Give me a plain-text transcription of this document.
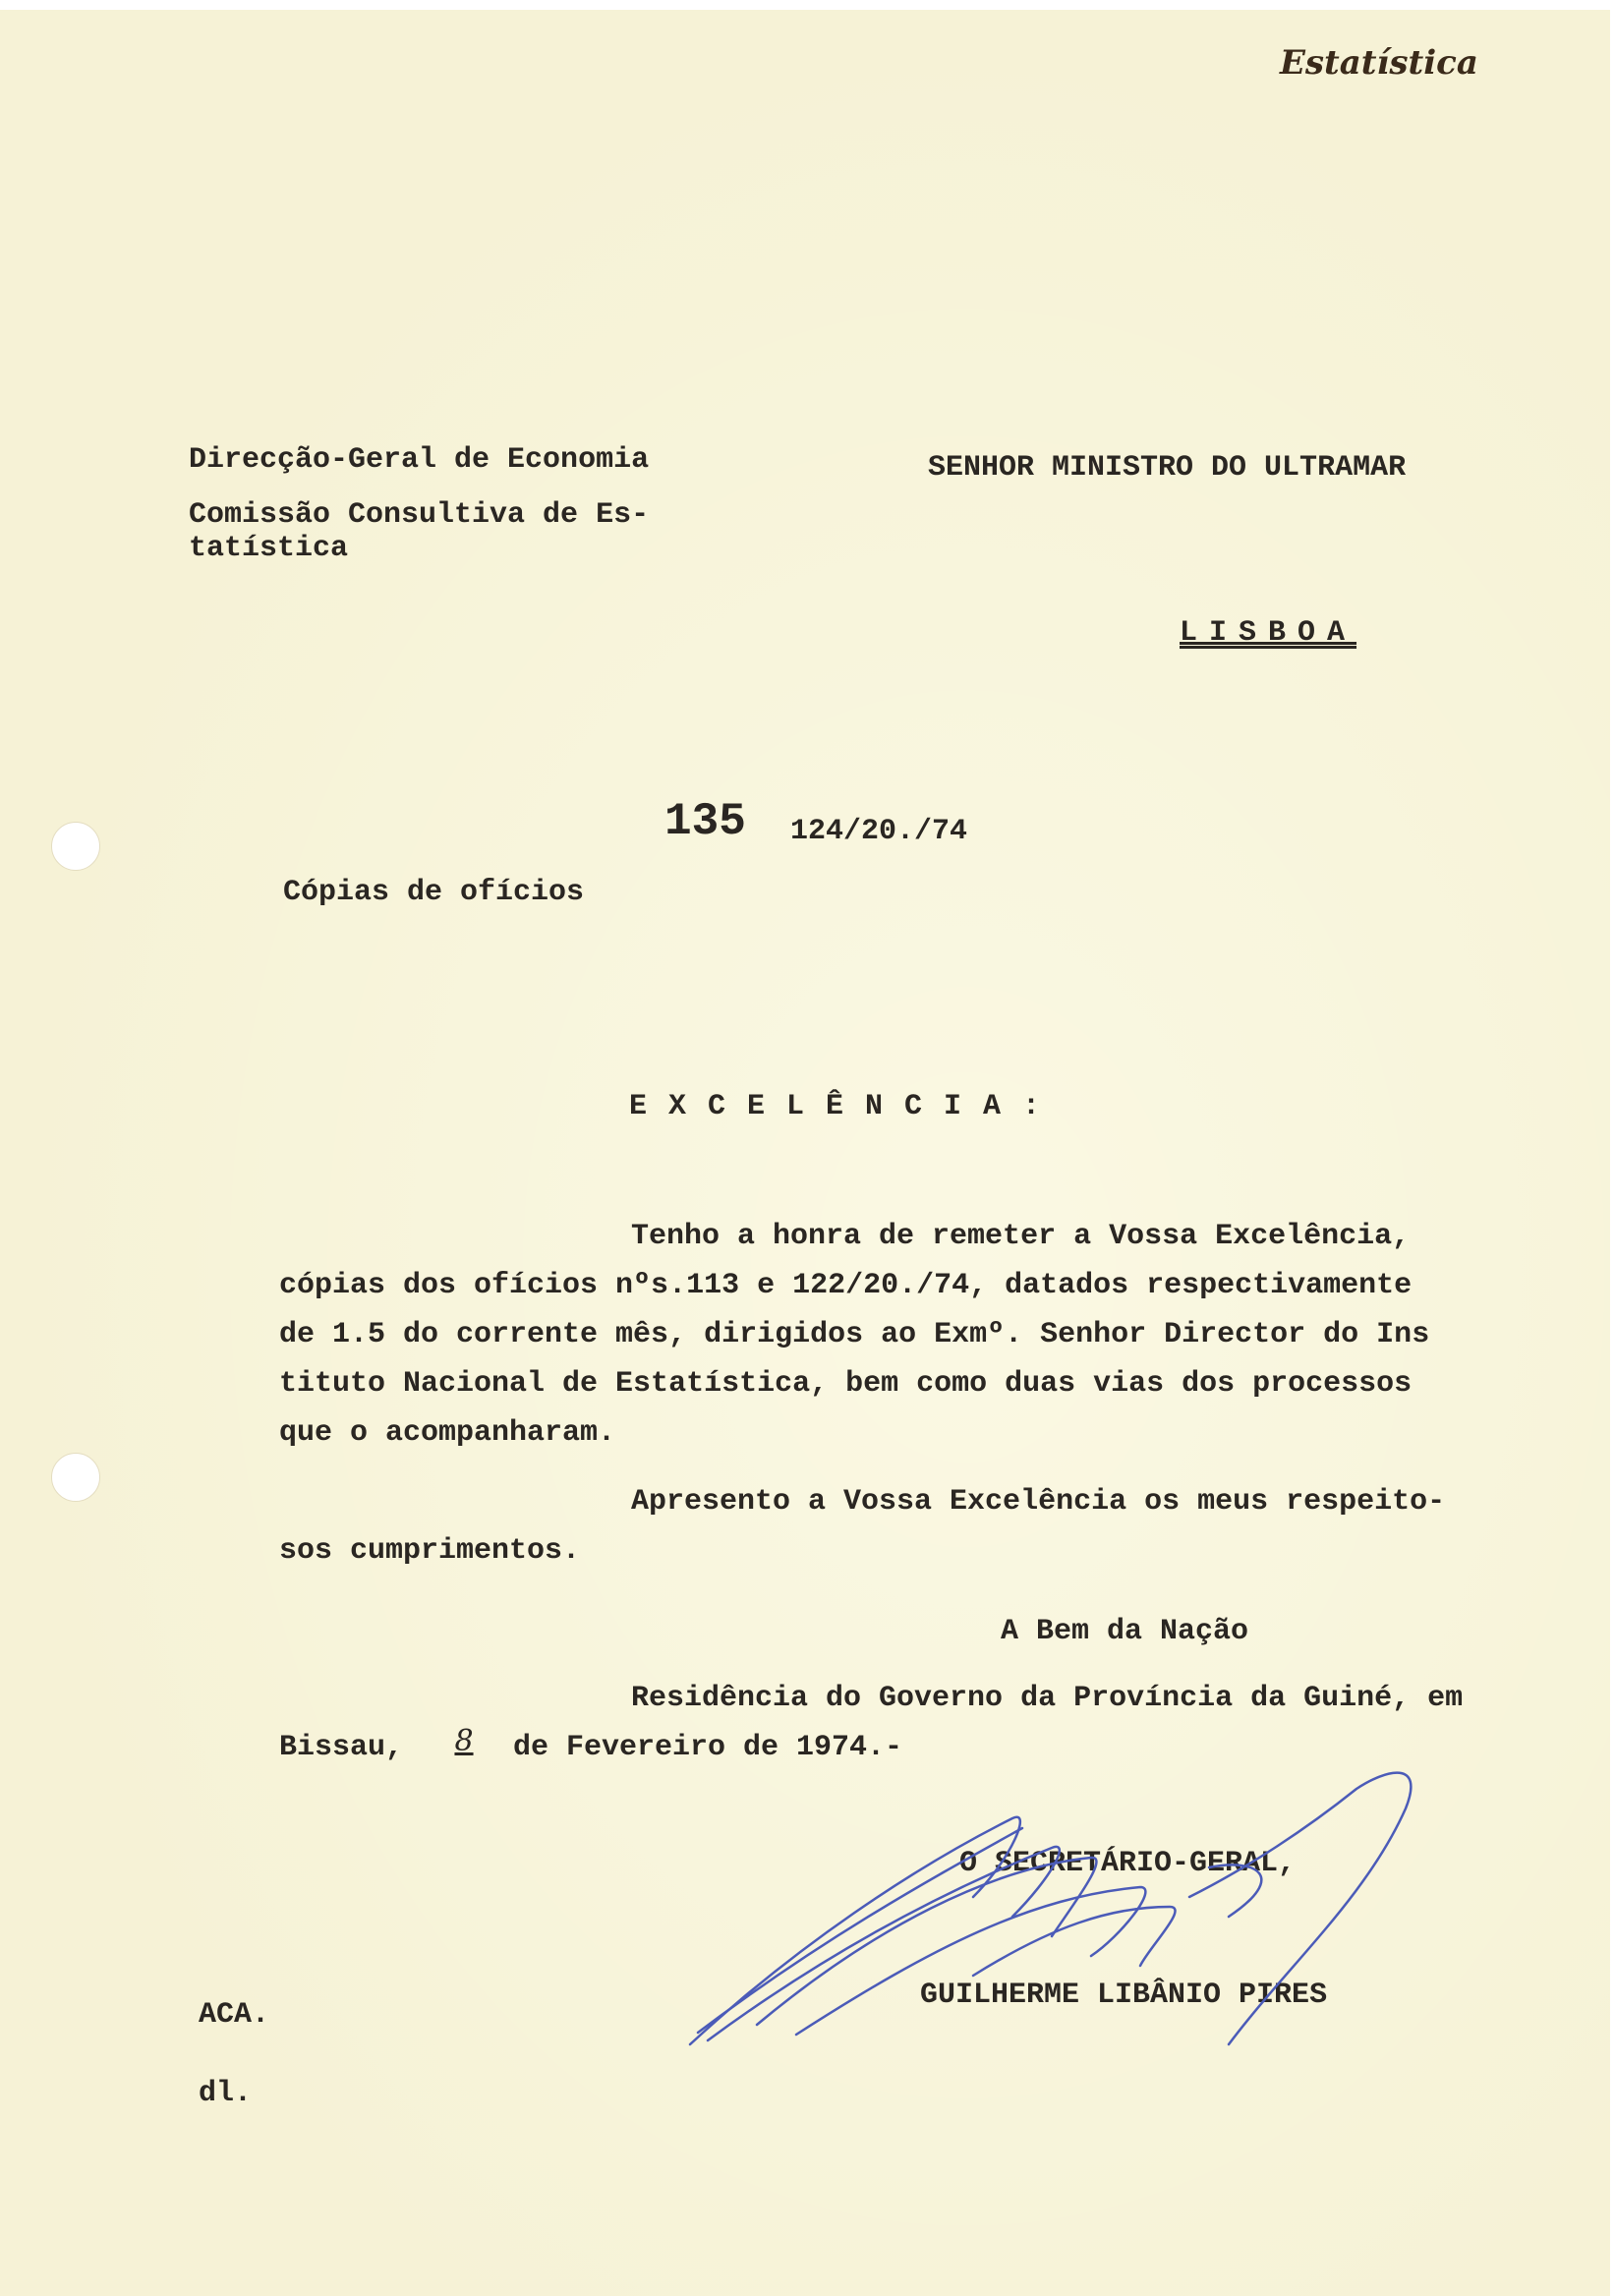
Estatística
Direcção-Geral de Economia
Comissão Consultiva de Es-
tatística
SENHOR MINISTRO DO ULTRAMAR
LISBOA
135 124/20./74
Cópias de ofícios
EXCELÊNCIA:
Tenho a honra de remeter a Vossa Excelência,
cópias dos ofícios nºs.113 e 122/20./74, datados respectivamente
de 1.5 do corrente mês, dirigidos ao Exmº. Senhor Director do Ins
tituto Nacional de Estatística, bem como duas vias dos processos
que o acompanharam.
Apresento a Vossa Excelência os meus respeito-
sos cumprimentos.
A Bem da Nação
Residência do Governo da Província da Guiné, em
Bissau,	8	de Fevereiro de 1974.-
O SECRETÁRIO-GERAL,
GUILHERME LIBÂNIO PIRES
ACA.
dl.
